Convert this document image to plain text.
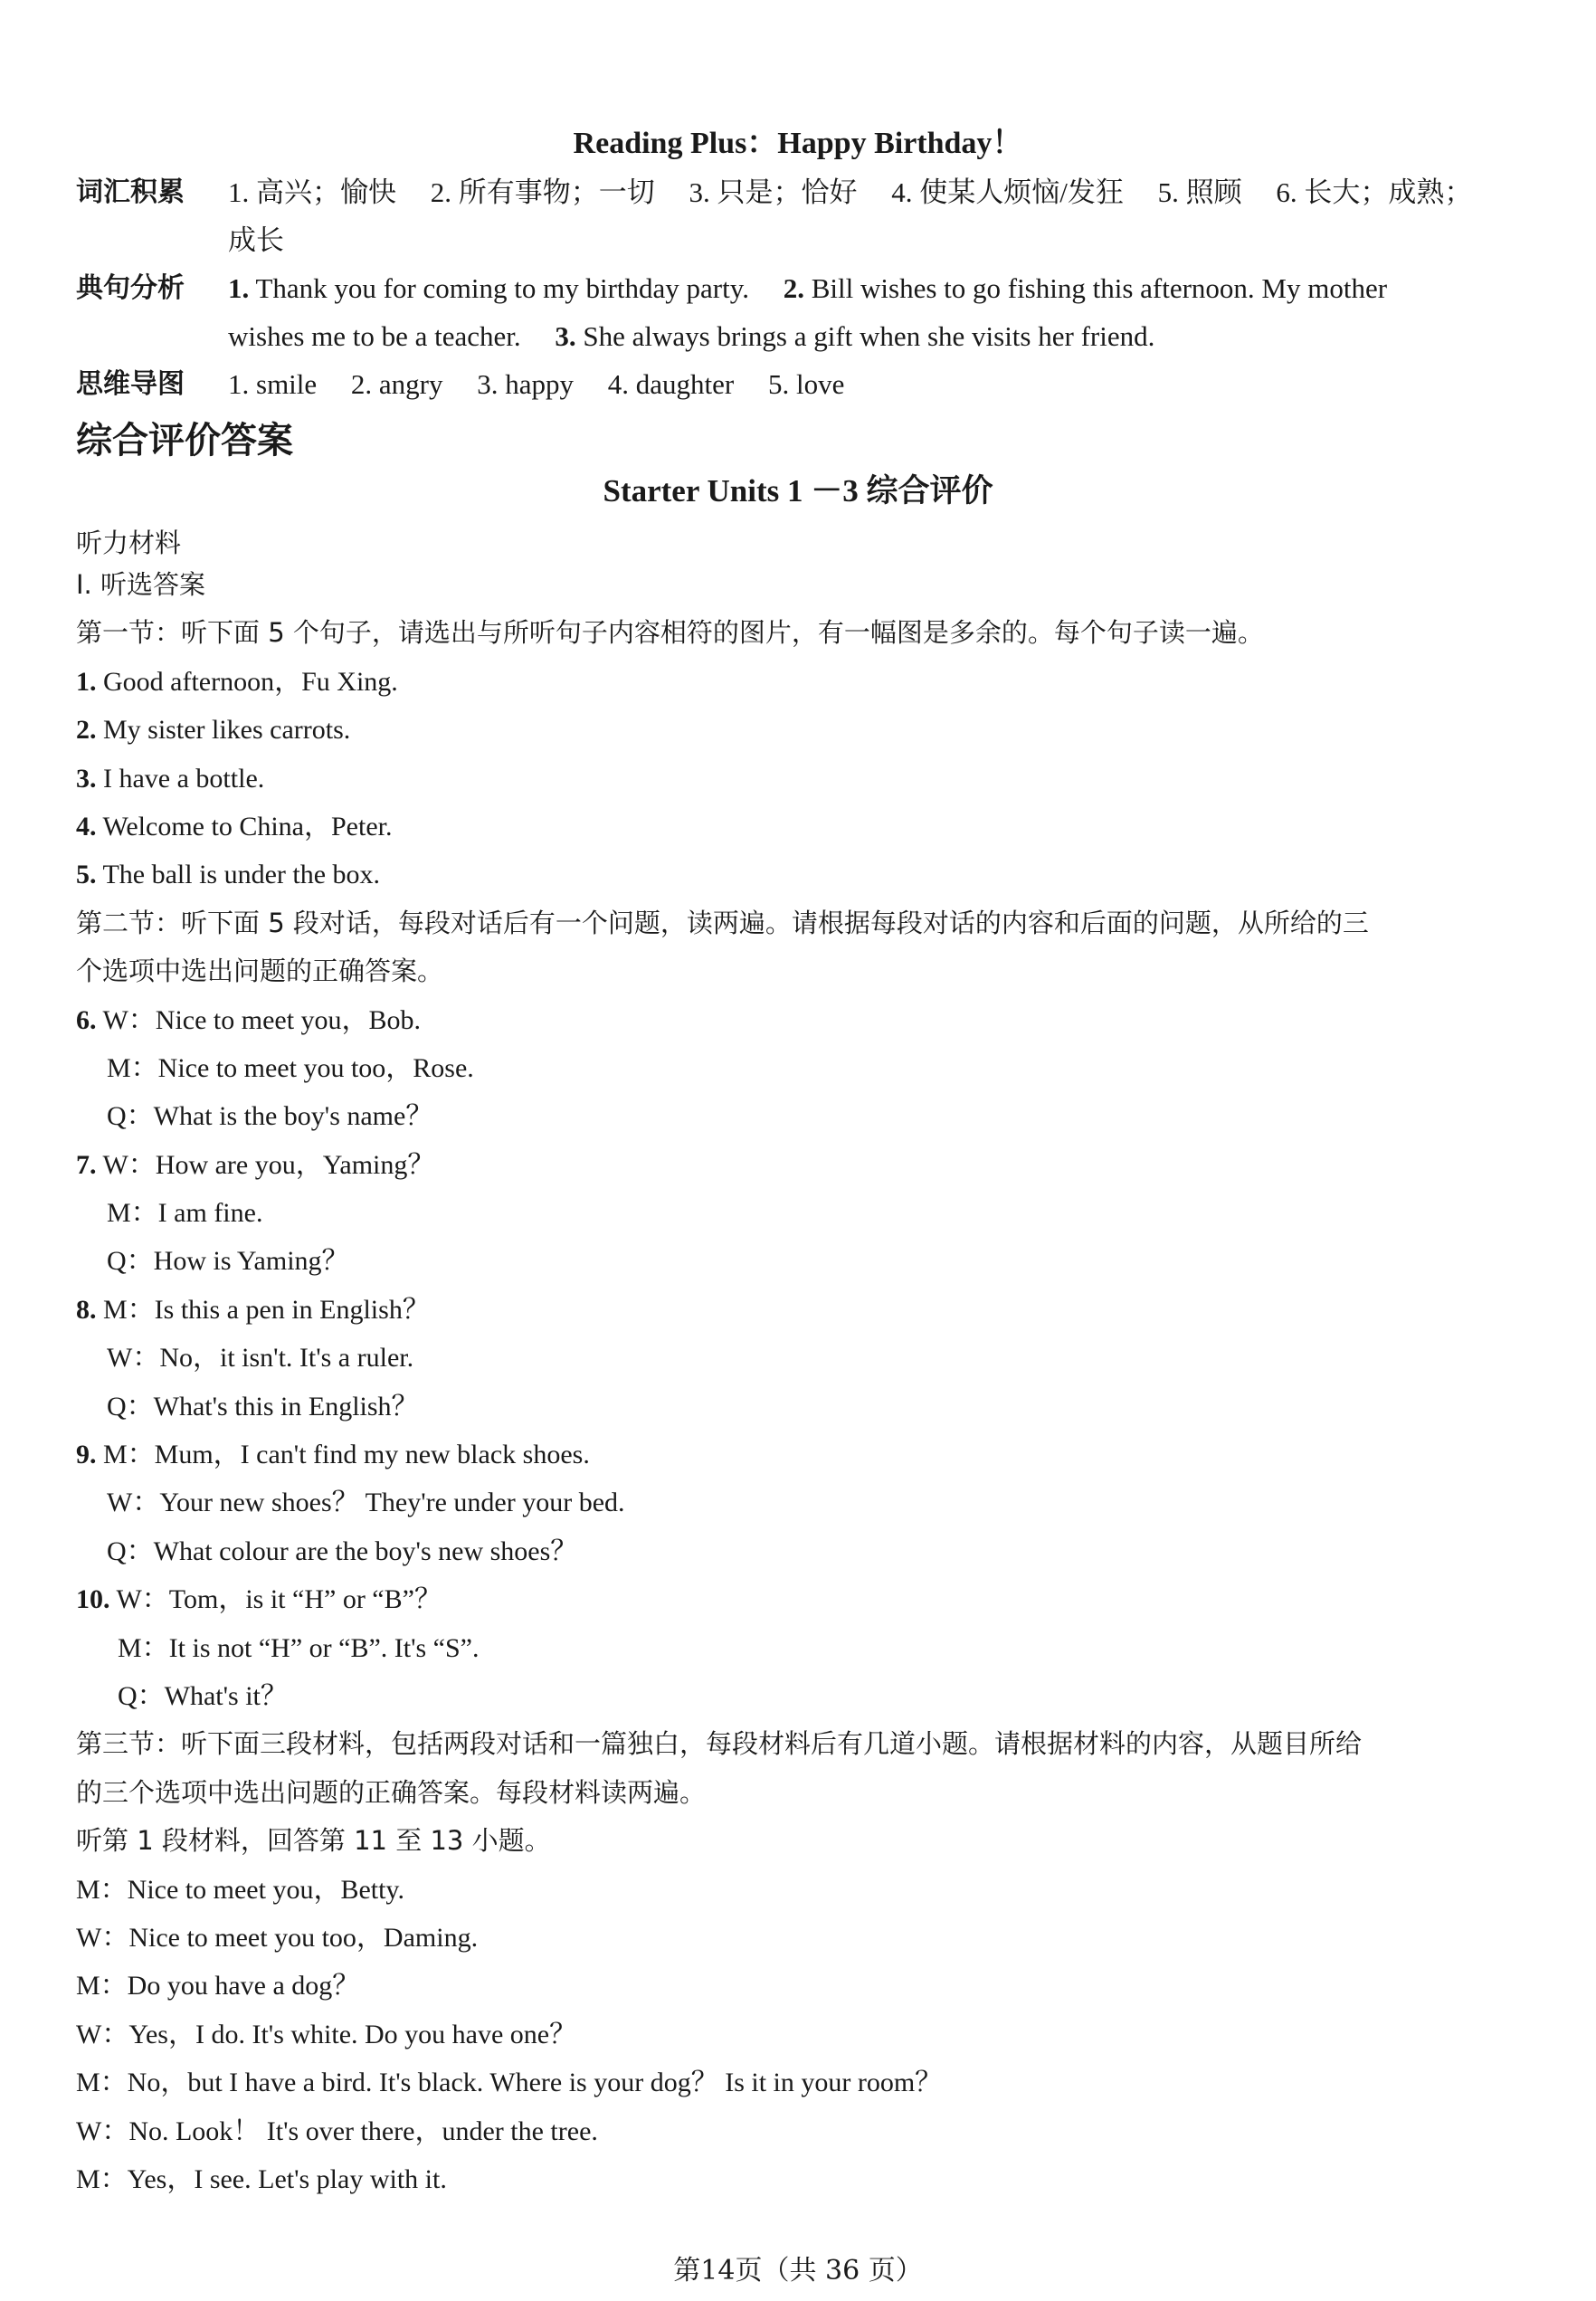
Reading Plus：Happy Birthday！
词汇积累 1. 高兴；愉快 2. 所有事物；一切 3. 只是；恰好 4. 使某人烦恼/发狂 5. 照顾 6. 长大；成熟；
成长
典句分析 1. Thank you for coming to my birthday party. 2. Bill wishes to go fishing this afternoon. My mother
wishes me to be a teacher. 3. She always brings a gift when she visits her friend.
思维导图 1. smile 2. angry 3. happy 4. daughter 5. love
综合评价答案
Starter Units 1 －3 综合评价
听力材料
Ⅰ. 听选答案
第一节：听下面 5 个句子，请选出与所听句子内容相符的图片，有一幅图是多余的。每个句子读一遍。
1. Good afternoon，Fu Xing.
2. My sister likes carrots.
3. I have a bottle.
4. Welcome to China，Peter.
5. The ball is under the box.
第二节：听下面 5 段对话，每段对话后有一个问题，读两遍。请根据每段对话的内容和后面的问题，从所给的三
个选项中选出问题的正确答案。
6. W：Nice to meet you，Bob.
M：Nice to meet you too，Rose.
Q：What is the boy's name？
7. W：How are you，Yaming？
M：I am fine.
Q：How is Yaming？
8. M：Is this a pen in English？
W：No，it isn't. It's a ruler.
Q：What's this in English？
9. M：Mum，I can't find my new black shoes.
W：Your new shoes？ They're under your bed.
Q：What colour are the boy's new shoes？
10. W：Tom，is it “H” or “B”？
M：It is not “H” or “B”. It's “S”.
Q：What's it？
第三节：听下面三段材料，包括两段对话和一篇独白，每段材料后有几道小题。请根据材料的内容，从题目所给
的三个选项中选出问题的正确答案。每段材料读两遍。
听第 1 段材料，回答第 11 至 13 小题。
M：Nice to meet you，Betty.
W：Nice to meet you too，Daming.
M：Do you have a dog？
W：Yes，I do. It's white. Do you have one？
M：No，but I have a bird. It's black. Where is your dog？ Is it in your room？
W：No. Look！ It's over there，under the tree.
M：Yes，I see. Let's play with it.
第14页（共 36 页）
